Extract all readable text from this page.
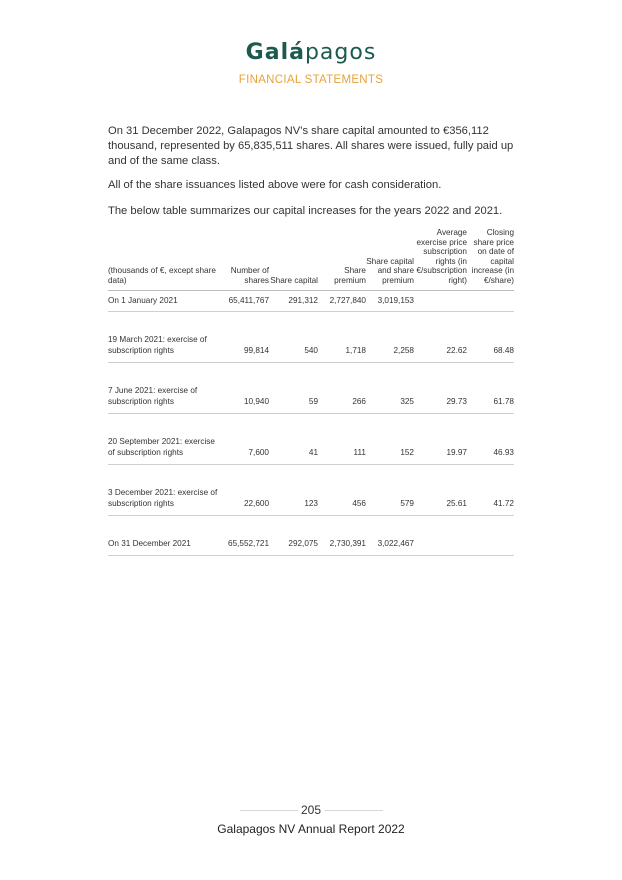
Galápagos
FINANCIAL STATEMENTS

On 31 December 2022, Galapagos NV’s share capital amounted to €356,112 thousand, represented by 65,835,511 shares. All shares were issued, fully paid up and of the same class.

All of the share issuances listed above were for cash consideration.

The below table summarizes our capital increases for the years 2022 and 2021.

(thousands of €, except share data)	Number of shares	Share capital	Share premium	Share capital and share premium	Average exercise price subscription rights (in €/subscription right)	Closing share price on date of capital increase (in €/share)
On 1 January 2021	65,411,767	291,312	2,727,840	3,019,153		
19 March 2021: exercise of subscription rights	99,814	540	1,718	2,258	22.62	68.48
7 June 2021: exercise of subscription rights	10,940	59	266	325	29.73	61.78
20 September 2021: exercise of subscription rights	7,600	41	111	152	19.97	46.93
3 December 2021: exercise of subscription rights	22,600	123	456	579	25.61	41.72
On 31 December 2021	65,552,721	292,075	2,730,391	3,022,467		
205
Galapagos NV Annual Report 2022
